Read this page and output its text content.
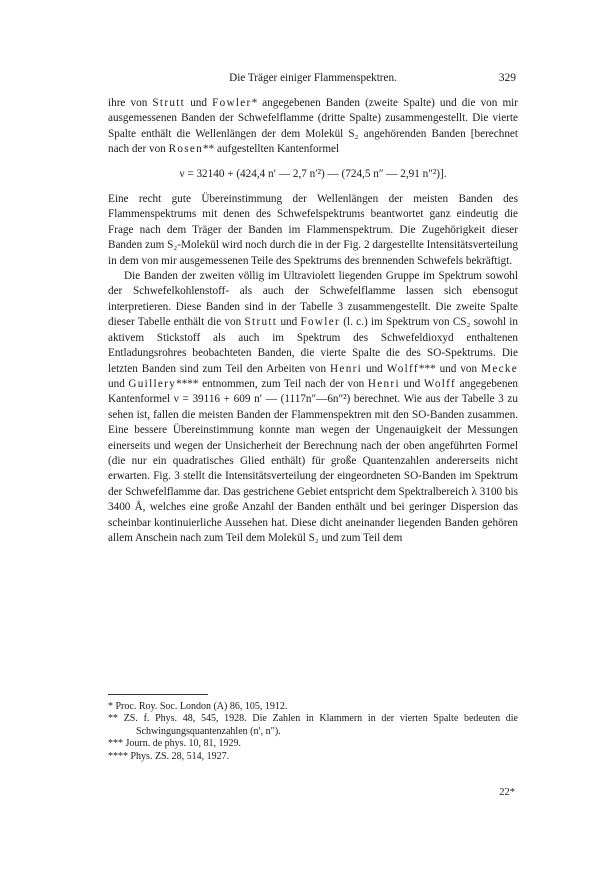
Die Träger einiger Flammenspektren.	329

ihre von Strutt und Fowler* angegebenen Banden (zweite Spalte) und die von mir ausgemessenen Banden der Schwefelflamme (dritte Spalte) zusammengestellt. Die vierte Spalte enthält die Wellenlängen der dem Molekül S₂ angehörenden Banden [berechnet nach der von Rosen** aufgestellten Kantenformel

ν = 32140 + (424,4 n′ — 2,7 n′²) — (724,5 n″ — 2,91 n″²)].

Eine recht gute Übereinstimmung der Wellenlängen der meisten Banden des Flammenspektrums mit denen des Schwefelspektrums beantwortet ganz eindeutig die Frage nach dem Träger der Banden im Flammenspektrum. Die Zugehörigkeit dieser Banden zum S₂-Molekül wird noch durch die in der Fig. 2 dargestellte Intensitätsverteilung in dem von mir ausgemessenen Teile des Spektrums des brennenden Schwefels bekräftigt.

Die Banden der zweiten völlig im Ultraviolett liegenden Gruppe im Spektrum sowohl der Schwefelkohlenstoff- als auch der Schwefelflamme lassen sich ebensogut interpretieren. Diese Banden sind in der Tabelle 3 zusammengestellt. Die zweite Spalte dieser Tabelle enthält die von Strutt und Fowler (l. c.) im Spektrum von CS₂ sowohl in aktivem Stickstoff als auch im Spektrum des Schwefeldioxyd enthaltenen Entladungsrohres beobachteten Banden, die vierte Spalte die des SO-Spektrums. Die letzten Banden sind zum Teil den Arbeiten von Henri und Wolff*** und von Mecke und Guillery**** entnommen, zum Teil nach der von Henri und Wolff angegebenen Kantenformel ν = 39116 + 609 n′ — (1117n″—6n″²) berechnet. Wie aus der Tabelle 3 zu sehen ist, fallen die meisten Banden der Flammenspektren mit den SO-Banden zusammen. Eine bessere Übereinstimmung konnte man wegen der Ungenauigkeit der Messungen einerseits und wegen der Unsicherheit der Berechnung nach der oben angeführten Formel (die nur ein quadratisches Glied enthält) für große Quantenzahlen andererseits nicht erwarten. Fig. 3 stellt die Intensitätsverteilung der eingeordneten SO-Banden im Spektrum der Schwefelflamme dar. Das gestrichene Gebiet entspricht dem Spektralbereich λ 3100 bis 3400 Å, welches eine große Anzahl der Banden enthält und bei geringer Dispersion das scheinbar kontinuierliche Aussehen hat. Diese dicht aneinander liegenden Banden gehören allem Anschein nach zum Teil dem Molekül S₂ und zum Teil dem

* Proc. Roy. Soc. London (A) 86, 105, 1912.

** ZS. f. Phys. 48, 545, 1928. Die Zahlen in Klammern in der vierten Spalte bedeuten die Schwingungsquantenzahlen (n′, n″).

*** Journ. de phys. 10, 81, 1929.

**** Phys. ZS. 28, 514, 1927.

22*
